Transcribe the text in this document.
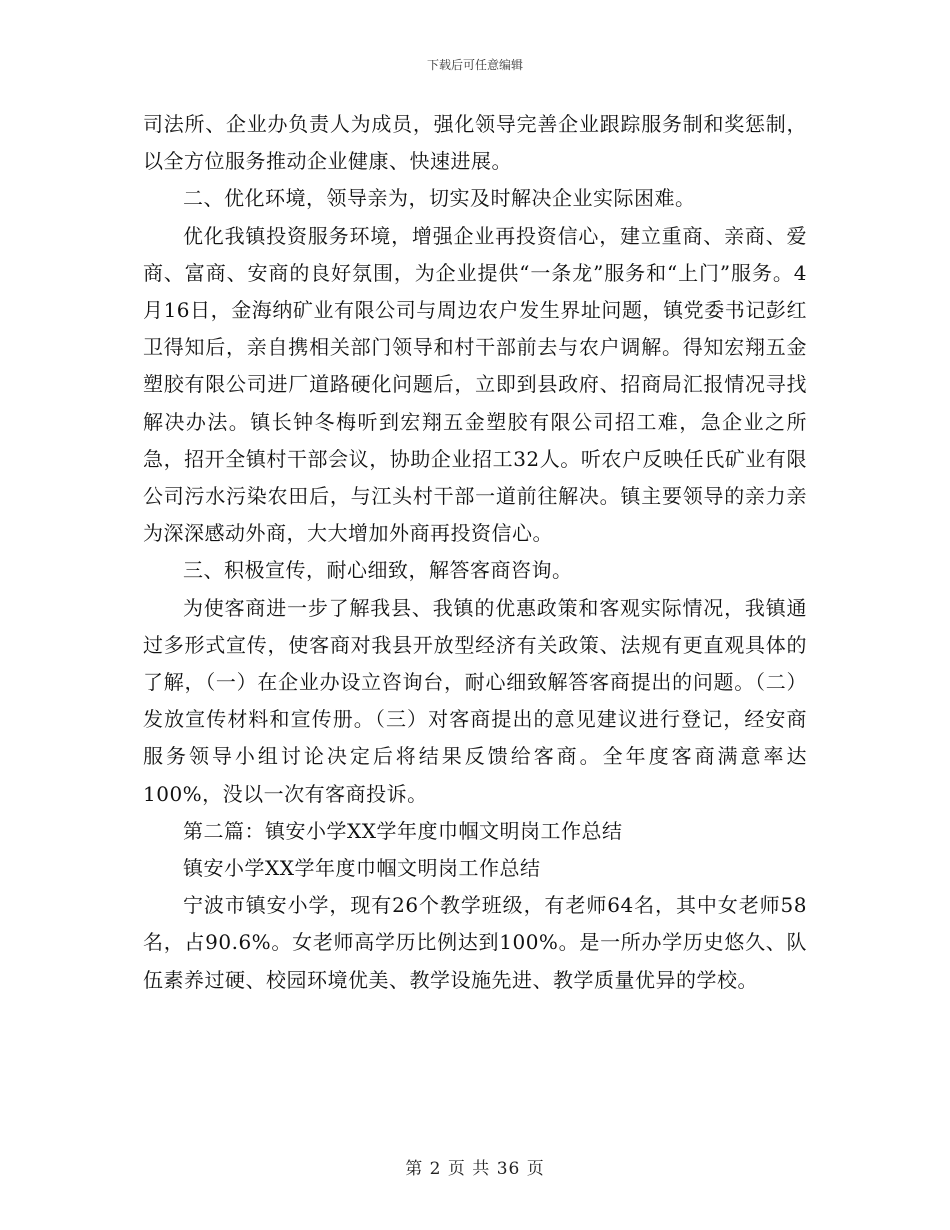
下载后可任意编辑

司法所、企业办负责人为成员，强化领导完善企业跟踪服务制和奖惩制，以全方位服务推动企业健康、快速进展。

二、优化环境，领导亲为，切实及时解决企业实际困难。

优化我镇投资服务环境，增强企业再投资信心，建立重商、亲商、爱商、富商、安商的良好氛围，为企业提供“一条龙”服务和“上门”服务。4月16日，金海纳矿业有限公司与周边农户发生界址问题，镇党委书记彭红卫得知后，亲自携相关部门领导和村干部前去与农户调解。得知宏翔五金塑胶有限公司进厂道路硬化问题后，立即到县政府、招商局汇报情况寻找解决办法。镇长钟冬梅听到宏翔五金塑胶有限公司招工难，急企业之所急，招开全镇村干部会议，协助企业招工32人。听农户反映任氏矿业有限公司污水污染农田后，与江头村干部一道前往解决。镇主要领导的亲力亲为深深感动外商，大大增加外商再投资信心。

三、积极宣传，耐心细致，解答客商咨询。

为使客商进一步了解我县、我镇的优惠政策和客观实际情况，我镇通过多形式宣传，使客商对我县开放型经济有关政策、法规有更直观具体的了解，（一）在企业办设立咨询台，耐心细致解答客商提出的问题。（二）发放宣传材料和宣传册。（三）对客商提出的意见建议进行登记，经安商服务领导小组讨论决定后将结果反馈给客商。全年度客商满意率达100%，没以一次有客商投诉。

第二篇：镇安小学XX学年度巾帼文明岗工作总结

镇安小学XX学年度巾帼文明岗工作总结

宁波市镇安小学，现有26个教学班级，有老师64名，其中女老师58名，占90.6%。女老师高学历比例达到100%。是一所办学历史悠久、队伍素养过硬、校园环境优美、教学设施先进、教学质量优异的学校。

第 2 页 共 36 页
